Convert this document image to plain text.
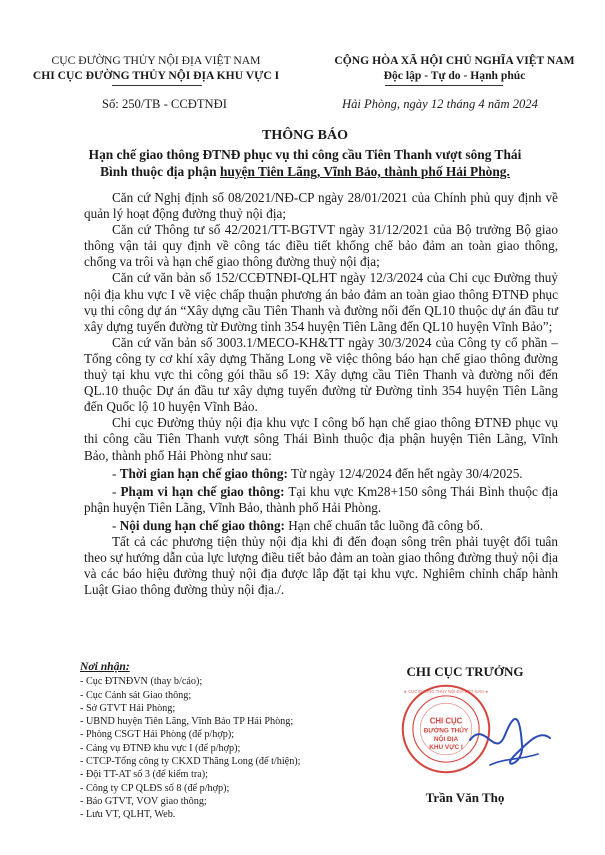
CỤC ĐƯỜNG THỦY NỘI ĐỊA VIỆT NAM
CHI CỤC ĐƯỜNG THỦY NỘI ĐỊA KHU VỰC I
CỘNG HÒA XÃ HỘI CHỦ NGHĨA VIỆT NAM
Độc lập - Tự do - Hạnh phúc
Số: 250/TB - CCĐTNĐI	Hải Phòng, ngày 12 tháng 4 năm 2024
THÔNG BÁO
Hạn chế giao thông ĐTNĐ phục vụ thi công cầu Tiên Thanh vượt sông Thái
Bình thuộc địa phận huyện Tiên Lãng, Vĩnh Bảo, thành phố Hải Phòng.

Căn cứ Nghị định số 08/2021/NĐ-CP ngày 28/01/2021 của Chính phủ quy định về quản lý hoạt động đường thuỷ nội địa;

Căn cứ Thông tư số 42/2021/TT-BGTVT ngày 31/12/2021 của Bộ trưởng Bộ giao thông vận tải quy định về công tác điều tiết khống chế bảo đảm an toàn giao thông, chống va trôi và hạn chế giao thông đường thuỷ nội địa;

Căn cứ văn bản số 152/CCĐTNĐI-QLHT ngày 12/3/2024 của Chi cục Đường thuỷ nội địa khu vực I về việc chấp thuận phương án bảo đảm an toàn giao thông ĐTNĐ phục vụ thi công dự án “Xây dựng cầu Tiên Thanh và đường nối đến QL10 thuộc dự án đầu tư xây dựng tuyến đường từ Đường tỉnh 354 huyện Tiên Lãng đến QL10 huyện Vĩnh Bảo”;

Căn cứ văn bản số 3003.1/MECO-KH&TT ngày 30/3/2024 của Công ty cổ phần – Tổng công ty cơ khí xây dựng Thăng Long về việc thông báo hạn chế giao thông đường thuỷ tại khu vực thi công gói thầu số 19: Xây dựng cầu Tiên Thanh và đường nối đến QL.10 thuộc Dự án đầu tư xây dựng tuyến đường từ Đường tỉnh 354 huyện Tiên Lãng đến Quốc lộ 10 huyện Vĩnh Bảo.

Chi cục Đường thủy nội địa khu vực I công bố hạn chế giao thông ĐTNĐ phục vụ thi công cầu Tiên Thanh vượt sông Thái Bình thuộc địa phận huyện Tiên Lãng, Vĩnh Bảo, thành phố Hải Phòng như sau:

- Thời gian hạn chế giao thông: Từ ngày 12/4/2024 đến hết ngày 30/4/2025.

- Phạm vi hạn chế giao thông: Tại khu vực Km28+150 sông Thái Bình thuộc địa phận huyện Tiên Lãng, Vĩnh Bảo, thành phố Hải Phòng.

- Nội dung hạn chế giao thông: Hạn chế chuẩn tắc luồng đã công bố.

Tất cả các phương tiện thủy nội địa khi đi đến đoạn sông trên phải tuyệt đối tuân theo sự hướng dẫn của lực lượng điều tiết bảo đảm an toàn giao thông đường thuỷ nội địa và các báo hiệu đường thuỷ nội địa được lắp đặt tại khu vực. Nghiêm chỉnh chấp hành Luật Giao thông đường thủy nội địa./.

Nơi nhận:
- Cục ĐTNĐVN (thay b/cáo);
- Cục Cảnh sát Giao thông;
- Sở GTVT Hải Phòng;
- UBND huyện Tiên Lãng, Vĩnh Bảo TP Hải Phòng;
- Phòng CSGT Hải Phòng (để p/hợp);
- Cảng vụ ĐTNĐ khu vực I (để p/hợp);
- CTCP-Tổng công ty CKXD Thăng Long (để t/hiện);
- Đội TT-AT số 3 (để kiểm tra);
- Công ty CP QLĐS số 8 (để p/hợp);
- Báo GTVT, VOV giao thông;
- Lưu VT, QLHT, Web.
CHI CỤC TRƯỞNG
CHI CỤC
ĐƯỜNG THỦY
NỘI ĐỊA
KHU VỰC I
★ CỤC ĐƯỜNG THỦY NỘI ĐỊA VIỆT NAM ★
Trần Văn Thọ
